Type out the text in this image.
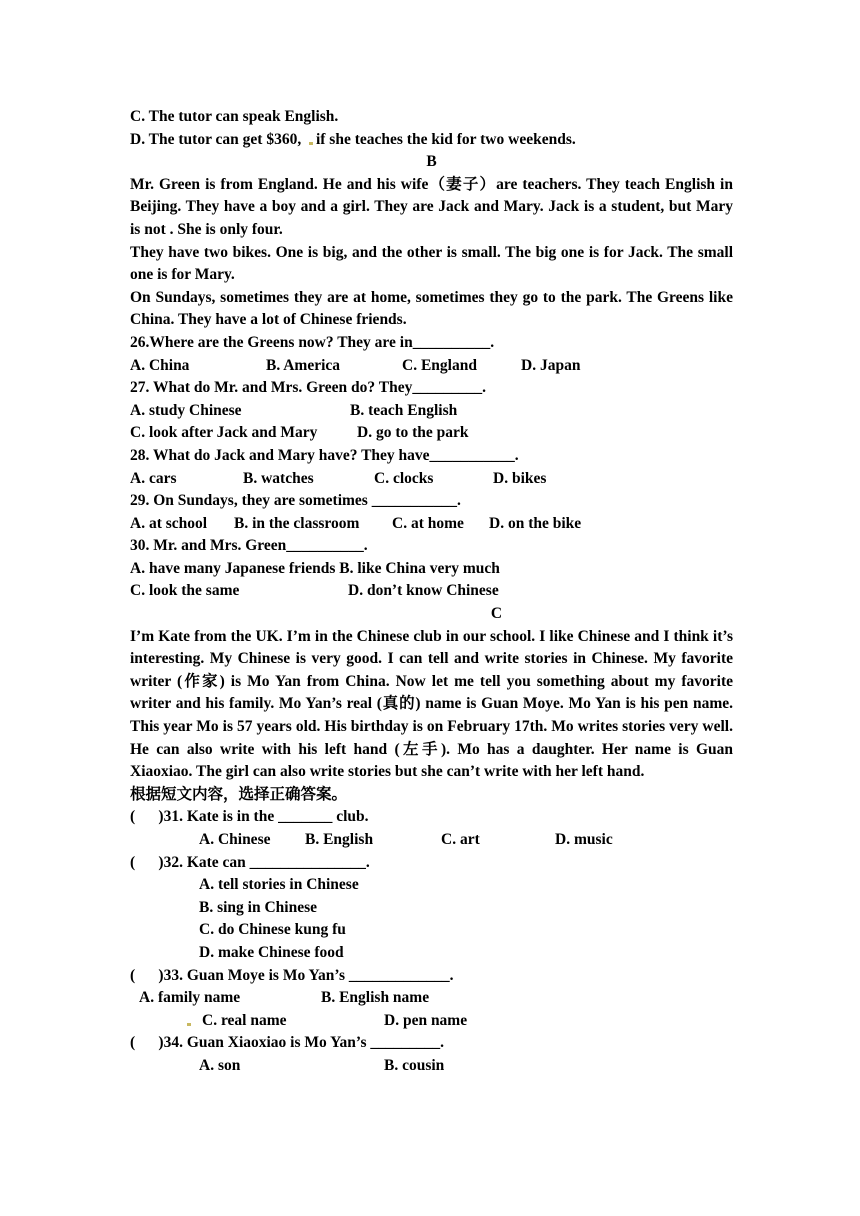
C. The tutor can speak English.
D. The tutor can get $360,  if she teaches the kid for two weekends.
B
Mr. Green is from England. He and his wife（妻子）are teachers. They teach English in Beijing. They have a boy and a girl. They are Jack and Mary. Jack is a student, but Mary is not . She is only four.
They have two bikes. One is big, and the other is small. The big one is for Jack. The small one is for Mary.
On Sundays, sometimes they are at home, sometimes they go to the park. The Greens like China. They have a lot of Chinese friends.
26.Where are the Greens now? They are in__________.

A. China

	B. America

	C. England

	D. Japan

27. What do Mr. and Mrs. Green do? They_________.

A. study Chinese

	B. teach English

C. look after Jack and Mary

	D. go to the park

28. What do Jack and Mary have? They have___________.

A. cars

	B. watches

	C. clocks

	D. bikes

29. On Sundays, they are sometimes ___________.

A. at school

B. in the classroom

C. at home

D. on the bike

30. Mr. and Mrs. Green__________.

A. have many Japanese friends B. like China very much

C. look the same

	D. don’t know Chinese

C
I’m Kate from the UK. I’m in the Chinese club in our school. I like Chinese and I think it’s interesting. My Chinese is very good. I can tell and write stories in Chinese. My favorite writer (作家) is Mo Yan from China. Now let me tell you something about my favorite writer and his family. Mo Yan’s real (真的) name is Guan Moye. Mo Yan is his pen name. This year Mo is 57 years old. His birthday is on February 17th. Mo writes stories very well. He can also write with his left hand (左手). Mo has a daughter. Her name is Guan Xiaoxiao. The girl can also write stories but she can’t write with her left hand.
根据短文内容，选择正确答案。
(      )31. Kate is in the _______ club.

A. Chinese

B. English

	C. art

	D. music

(      )32. Kate can _______________.
A. tell stories in Chinese
B. sing in Chinese
C. do Chinese kung fu
D. make Chinese food
(      )33. Guan Moye is Mo Yan’s _____________.

A. family name

	B. English name

C. real name

	D. pen name

(      )34. Guan Xiaoxiao is Mo Yan’s _________.

A. son

	B. cousin
